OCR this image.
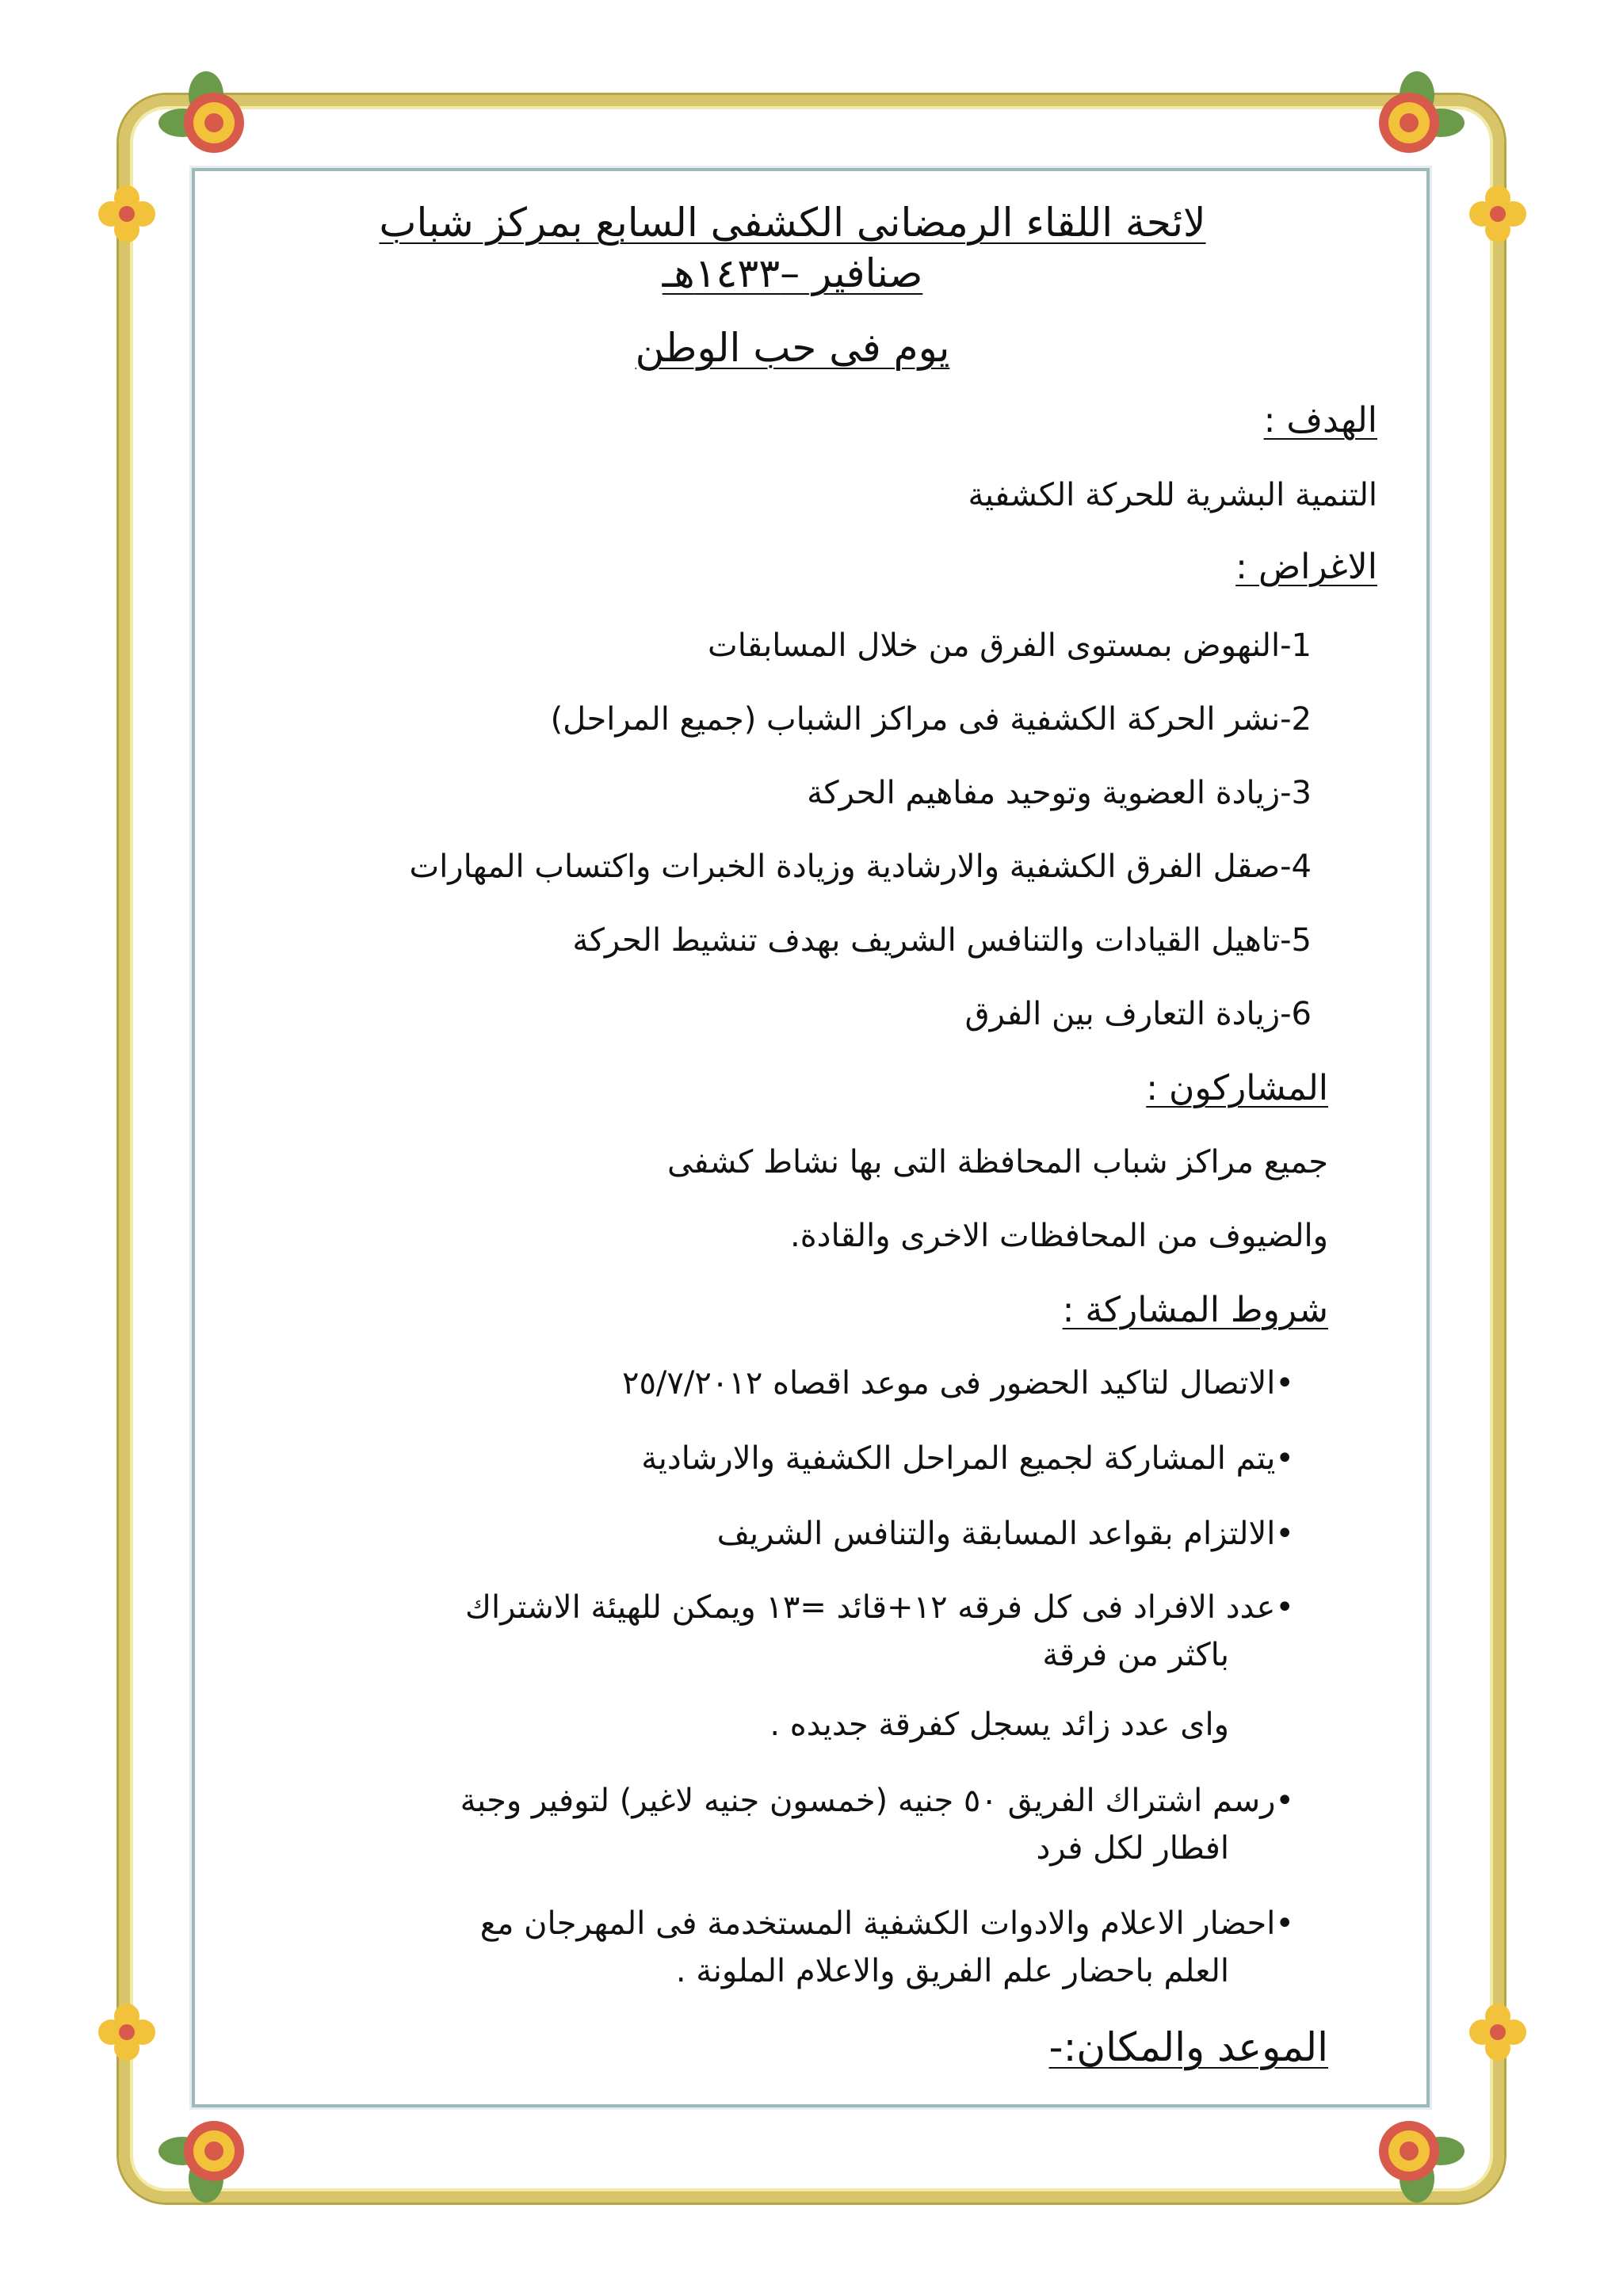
لائحة اللقاء الرمضانى الكشفى السابع بمركز شباب
صنافير –١٤٣٣هـ
يوم فى حب الوطن
الهدف :
التنمية البشرية للحركة الكشفية
الاغراض :
1-النهوض بمستوى الفرق من خلال المسابقات
2-نشر الحركة الكشفية فى مراكز الشباب (جميع المراحل)
3-زيادة العضوية وتوحيد مفاهيم الحركة
4-صقل الفرق الكشفية والارشادية وزيادة الخبرات واكتساب المهارات
5-تاهيل القيادات والتنافس الشريف بهدف تنشيط الحركة
6-زيادة التعارف بين الفرق
المشاركون :
جميع مراكز شباب المحافظة التى بها نشاط كشفى
والضيوف من المحافظات الاخرى والقادة.
شروط المشاركة :
• الاتصال لتاكيد الحضور فى موعد اقصاه ٢٥/٧/٢٠١٢
• يتم المشاركة لجميع المراحل الكشفية والارشادية
• الالتزام بقواعد المسابقة والتنافس الشريف
• عدد الافراد فى كل فرقه ١٢+قائد =١٣ ويمكن للهيئة الاشتراك
باكثر من فرقة
واى عدد زائد يسجل كفرقة جديده .
• رسم اشتراك الفريق ٥٠ جنيه (خمسون جنيه لاغير) لتوفير وجبة
افطار لكل فرد
• احضار الاعلام والادوات الكشفية المستخدمة فى المهرجان مع
العلم باحضار علم الفريق والاعلام الملونة .
الموعد والمكان:-
